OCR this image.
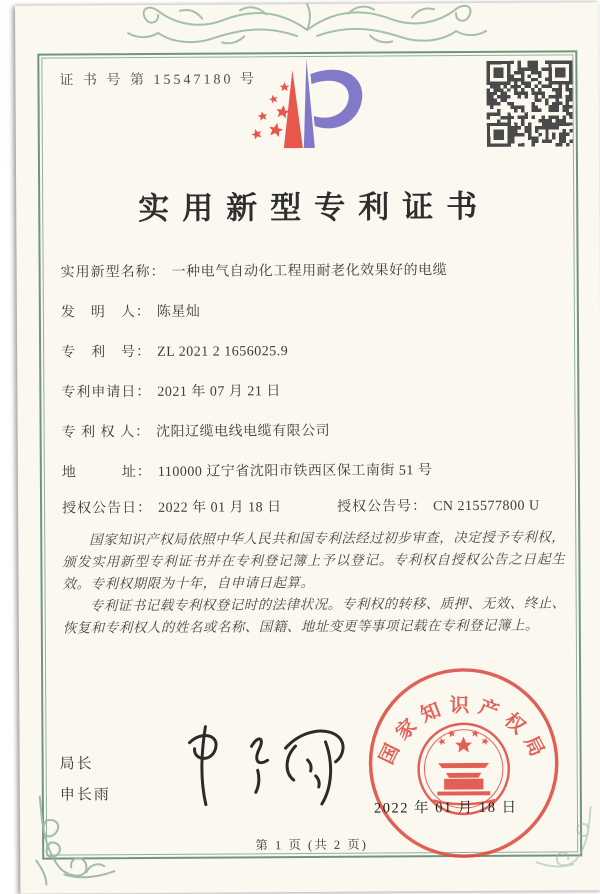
证 书 号 第 15547180 号
实用新型专利证书
实用新型名称： 一种电气自动化工程用耐老化效果好的电缆
发　明　人： 陈星灿
专　利　号： ZL 2021 2 1656025.9
专利申请日： 2021 年 07 月 21 日
专 利 权 人： 沈阳辽缆电线电缆有限公司
地　　　址： 110000 辽宁省沈阳市铁西区保工南街 51 号
授权公告日： 2022 年 01 月 18 日	授权公告号： CN 215577800 U

国家知识产权局依照中华人民共和国专利法经过初步审查，决定授予专利权，颁发实用新型专利证书并在专利登记簿上予以登记。专利权自授权公告之日起生效。专利权期限为十年，自申请日起算。

专利证书记载专利权登记时的法律状况。专利权的转移、质押、无效、终止、恢复和专利权人的姓名或名称、国籍、地址变更等事项记载在专利登记簿上。

局长
申长雨
国家知识产权局
2022 年 01 月 18 日
第 1 页 (共 2 页)
